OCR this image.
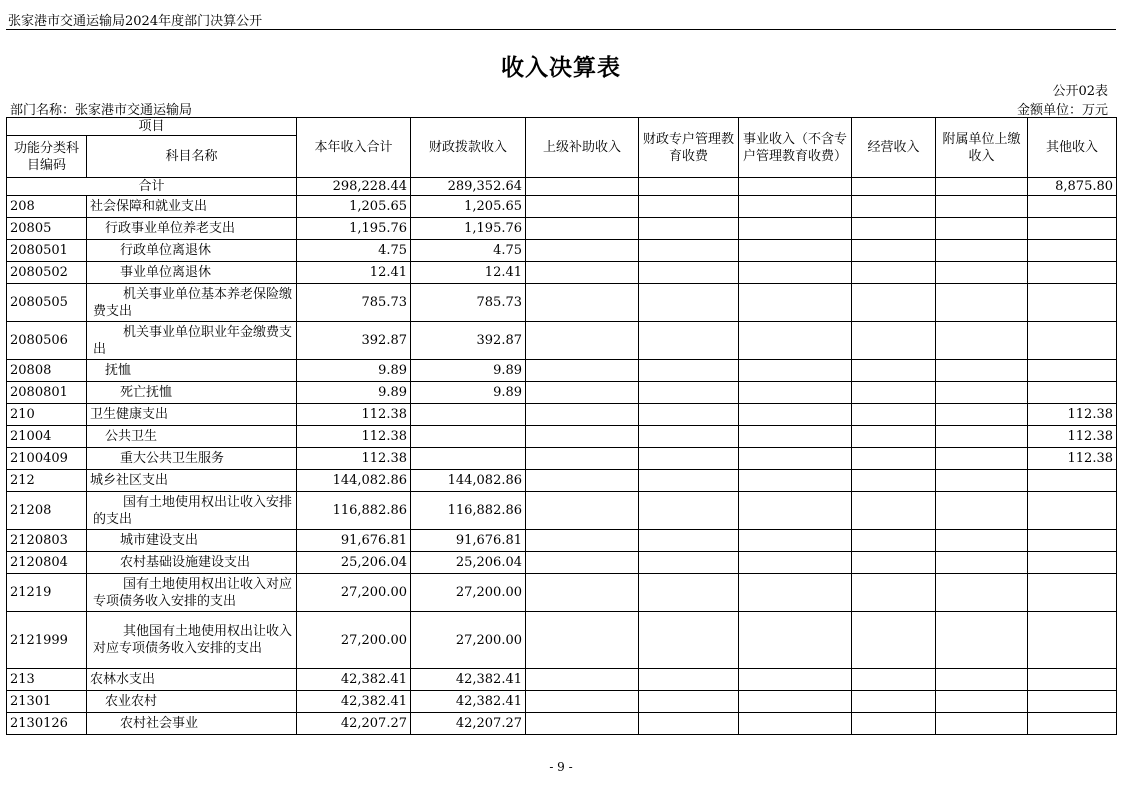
张家港市交通运输局2024年度部门决算公开
收入决算表
公开02表
部门名称：张家港市交通运输局	金额单位：万元
项目		本年收入合计	财政拨款收入	上级补助收入	财政专户管理教育收费	事业收入（不含专户管理教育收费）	经营收入	附属单位上缴收入	其他收入
功能分类科目编码	科目名称								
合计		298,228.44	289,352.64						8,875.80
208	社会保障和就业支出	1,205.65	1,205.65						
20805	行政事业单位养老支出	1,195.76	1,195.76						
2080501	行政单位离退休	4.75	4.75						
2080502	事业单位离退休	12.41	12.41						
2080505	机关事业单位基本养老保险缴费支出	785.73	785.73						
2080506	机关事业单位职业年金缴费支出	392.87	392.87						
20808	抚恤	9.89	9.89						
2080801	死亡抚恤	9.89	9.89						
210	卫生健康支出	112.38							112.38
21004	公共卫生	112.38							112.38
2100409	重大公共卫生服务	112.38							112.38
212	城乡社区支出	144,082.86	144,082.86						
21208	国有土地使用权出让收入安排的支出	116,882.86	116,882.86						
2120803	城市建设支出	91,676.81	91,676.81						
2120804	农村基础设施建设支出	25,206.04	25,206.04						
21219	国有土地使用权出让收入对应专项债务收入安排的支出	27,200.00	27,200.00						
2121999	其他国有土地使用权出让收入对应专项债务收入安排的支出	27,200.00	27,200.00						
213	农林水支出	42,382.41	42,382.41						
21301	农业农村	42,382.41	42,382.41						
2130126	农村社会事业	42,207.27	42,207.27						
- 9 -
